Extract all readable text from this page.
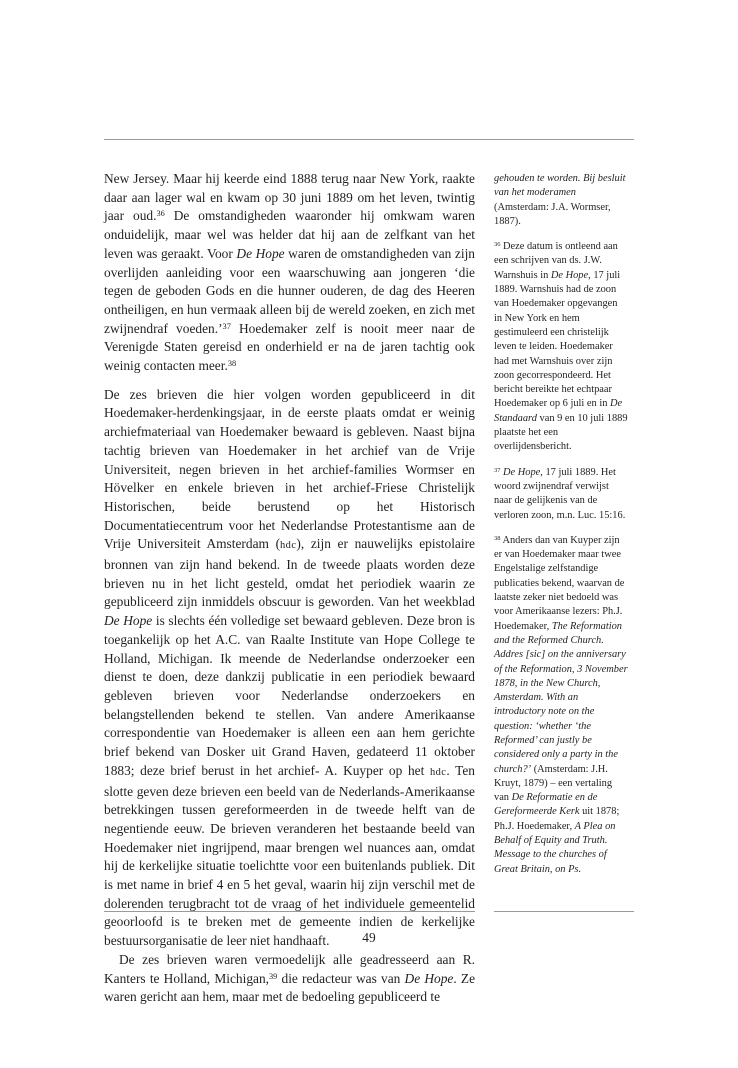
New Jersey. Maar hij keerde eind 1888 terug naar New York, raakte daar aan lager wal en kwam op 30 juni 1889 om het leven, twintig jaar oud.$^{36}$ De omstandigheden waaronder hij omkwam waren onduidelijk, maar wel was helder dat hij aan de zelfkant van het leven was geraakt. Voor De Hope waren de omstandigheden van zijn overlijden aanleiding voor een waarschuwing aan jongeren ‘die tegen de geboden Gods en die hunner ouderen, de dag des Heeren ontheiligen, en hun vermaak alleen bij de wereld zoeken, en zich met zwijnendraf voeden.’$^{37}$ Hoedemaker zelf is nooit meer naar de Verenigde Staten gereisd en onderhield er na de jaren tachtig ook weinig contacten meer.$^{38}$

De zes brieven die hier volgen worden gepubliceerd in dit Hoedemaker-herdenkingsjaar, in de eerste plaats omdat er weinig archiefmateriaal van Hoedemaker bewaard is gebleven. Naast bijna tachtig brieven van Hoedemaker in het archief van de Vrije Universiteit, negen brieven in het archief-families Wormser en Hövelker en enkele brieven in het archief-Friese Christelijk Historischen, beide berustend op het Historisch Documentatiecentrum voor het Nederlandse Protestantisme aan de Vrije Universiteit Amsterdam (hdc), zijn er nauwelijks epistolaire bronnen van zijn hand bekend. In de tweede plaats worden deze brieven nu in het licht gesteld, omdat het periodiek waarin ze gepubliceerd zijn inmiddels obscuur is geworden. Van het weekblad De Hope is slechts één volledige set bewaard gebleven. Deze bron is toegankelijk op het A.C. van Raalte Institute van Hope College te Holland, Michigan. Ik meende de Nederlandse onderzoeker een dienst te doen, deze dankzij publicatie in een periodiek bewaard gebleven brieven voor Nederlandse onderzoekers en belangstellenden bekend te stellen. Van andere Amerikaanse correspondentie van Hoedemaker is alleen een aan hem gerichte brief bekend van Dosker uit Grand Haven, gedateerd 11 oktober 1883; deze brief berust in het archief- A. Kuyper op het hdc. Ten slotte geven deze brieven een beeld van de Nederlands-Amerikaanse betrekkingen tussen gereformeerden in de tweede helft van de negentiende eeuw. De brieven veranderen het bestaande beeld van Hoedemaker niet ingrijpend, maar brengen wel nuances aan, omdat hij de kerkelijke situatie toelichtte voor een buitenlands publiek. Dit is met name in brief 4 en 5 het geval, waarin hij zijn verschil met de dolerenden terugbracht tot de vraag of het individuele gemeentelid geoorloofd is te breken met de gemeente indien de kerkelijke bestuursorganisatie de leer niet handhaaft.

De zes brieven waren vermoedelijk alle geadresseerd aan R. Kanters te Holland, Michigan,$^{39}$ die redacteur was van De Hope. Ze waren gericht aan hem, maar met de bedoeling gepubliceerd te

gehouden te worden. Bij besluit van het moderamen (Amsterdam: J.A. Wormser, 1887).

$^{36}$ Deze datum is ontleend aan een schrijven van ds. J.W. Warnshuis in De Hope, 17 juli 1889. Warnshuis had de zoon van Hoedemaker opgevangen in New York en hem gestimuleerd een christelijk leven te leiden. Hoedemaker had met Warnshuis over zijn zoon gecorrespondeerd. Het bericht bereikte het echtpaar Hoedemaker op 6 juli en in De Standaard van 9 en 10 juli 1889 plaatste het een overlijdensbericht.

$^{37}$ De Hope, 17 juli 1889. Het woord zwijnendraf verwijst naar de gelijkenis van de verloren zoon, m.n. Luc. 15:16.

$^{38}$ Anders dan van Kuyper zijn er van Hoedemaker maar twee Engelstalige zelfstandige publicaties bekend, waarvan de laatste zeker niet bedoeld was voor Amerikaanse lezers: Ph.J. Hoedemaker, The Reformation and the Reformed Church. Addres [sic] on the anniversary of the Reformation, 3 November 1878, in the New Church, Amsterdam. With an introductory note on the question: ‘whether ‘the Reformed’ can justly be considered only a party in the church?’ (Amsterdam: J.H. Kruyt, 1879) – een vertaling van De Reformatie en de Gereformeerde Kerk uit 1878; Ph.J. Hoedemaker, A Plea on Behalf of Equity and Truth. Message to the churches of Great Britain, on Ps.

49
